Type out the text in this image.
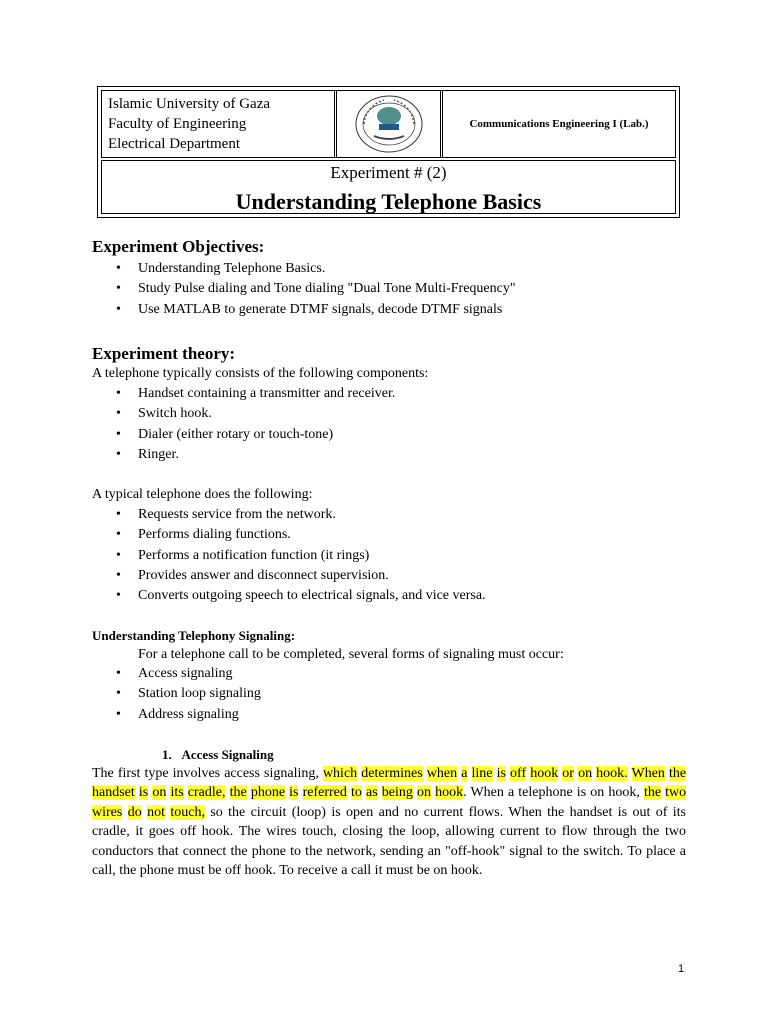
Islamic University of Gaza
Faculty of Engineering
Electrical Department
Communications Engineering I (Lab.)
Experiment # (2)
Understanding Telephone Basics
Experiment Objectives:
• Understanding Telephone Basics.
• Study Pulse dialing and Tone dialing "Dual Tone Multi-Frequency"
• Use MATLAB to generate DTMF signals, decode DTMF signals
Experiment theory:
A telephone typically consists of the following components:
• Handset containing a transmitter and receiver.
• Switch hook.
• Dialer (either rotary or touch-tone)
• Ringer.
A typical telephone does the following:
• Requests service from the network.
• Performs dialing functions.
• Performs a notification function (it rings)
• Provides answer and disconnect supervision.
• Converts outgoing speech to electrical signals, and vice versa.
Understanding Telephony Signaling:
For a telephone call to be completed, several forms of signaling must occur:
• Access signaling
• Station loop signaling
• Address signaling
1. Access Signaling
The first type involves access signaling, which determines when a line is off hook or on hook. When the handset is on its cradle, the phone is referred to as being on hook. When a telephone is on hook, the two wires do not touch, so the circuit (loop) is open and no current flows. When the handset is out of its cradle, it goes off hook. The wires touch, closing the loop, allowing current to flow through the two conductors that connect the phone to the network, sending an "off-hook" signal to the switch. To place a call, the phone must be off hook. To receive a call it must be on hook.
1
